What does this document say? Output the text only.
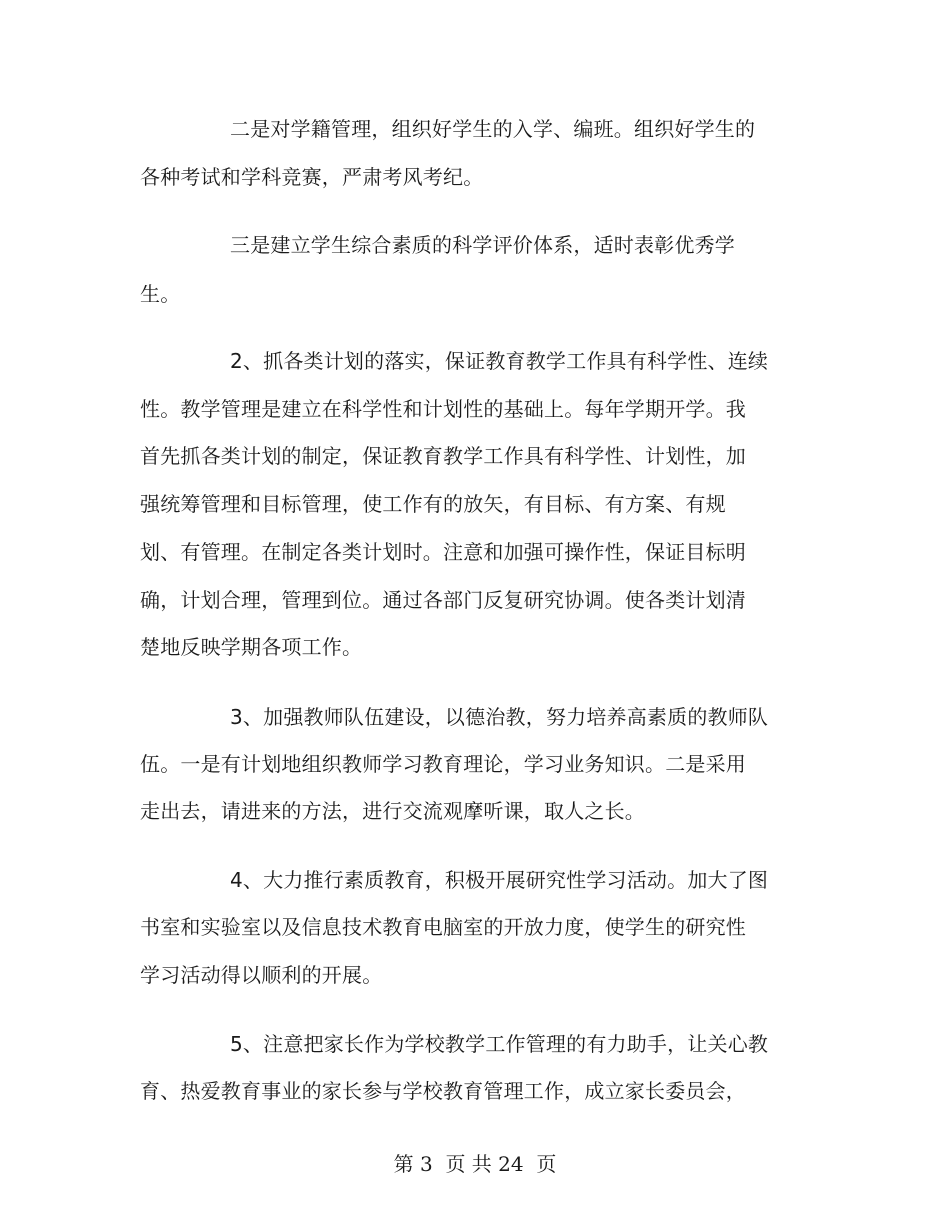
二是对学籍管理，组织好学生的入学、编班。组织好学生的
各种考试和学科竞赛，严肃考风考纪。
三是建立学生综合素质的科学评价体系，适时表彰优秀学
生。
2、抓各类计划的落实，保证教育教学工作具有科学性、连续
性。教学管理是建立在科学性和计划性的基础上。每年学期开学。我
首先抓各类计划的制定，保证教育教学工作具有科学性、计划性，加
强统筹管理和目标管理，使工作有的放矢，有目标、有方案、有规
划、有管理。在制定各类计划时。注意和加强可操作性，保证目标明
确，计划合理，管理到位。通过各部门反复研究协调。使各类计划清
楚地反映学期各项工作。
3、加强教师队伍建设，以德治教，努力培养高素质的教师队
伍。一是有计划地组织教师学习教育理论，学习业务知识。二是采用
走出去，请进来的方法，进行交流观摩听课，取人之长。
4、大力推行素质教育，积极开展研究性学习活动。加大了图
书室和实验室以及信息技术教育电脑室的开放力度，使学生的研究性
学习活动得以顺利的开展。
5、注意把家长作为学校教学工作管理的有力助手，让关心教
育、热爱教育事业的家长参与学校教育管理工作，成立家长委员会，
第 3  页 共 24  页
